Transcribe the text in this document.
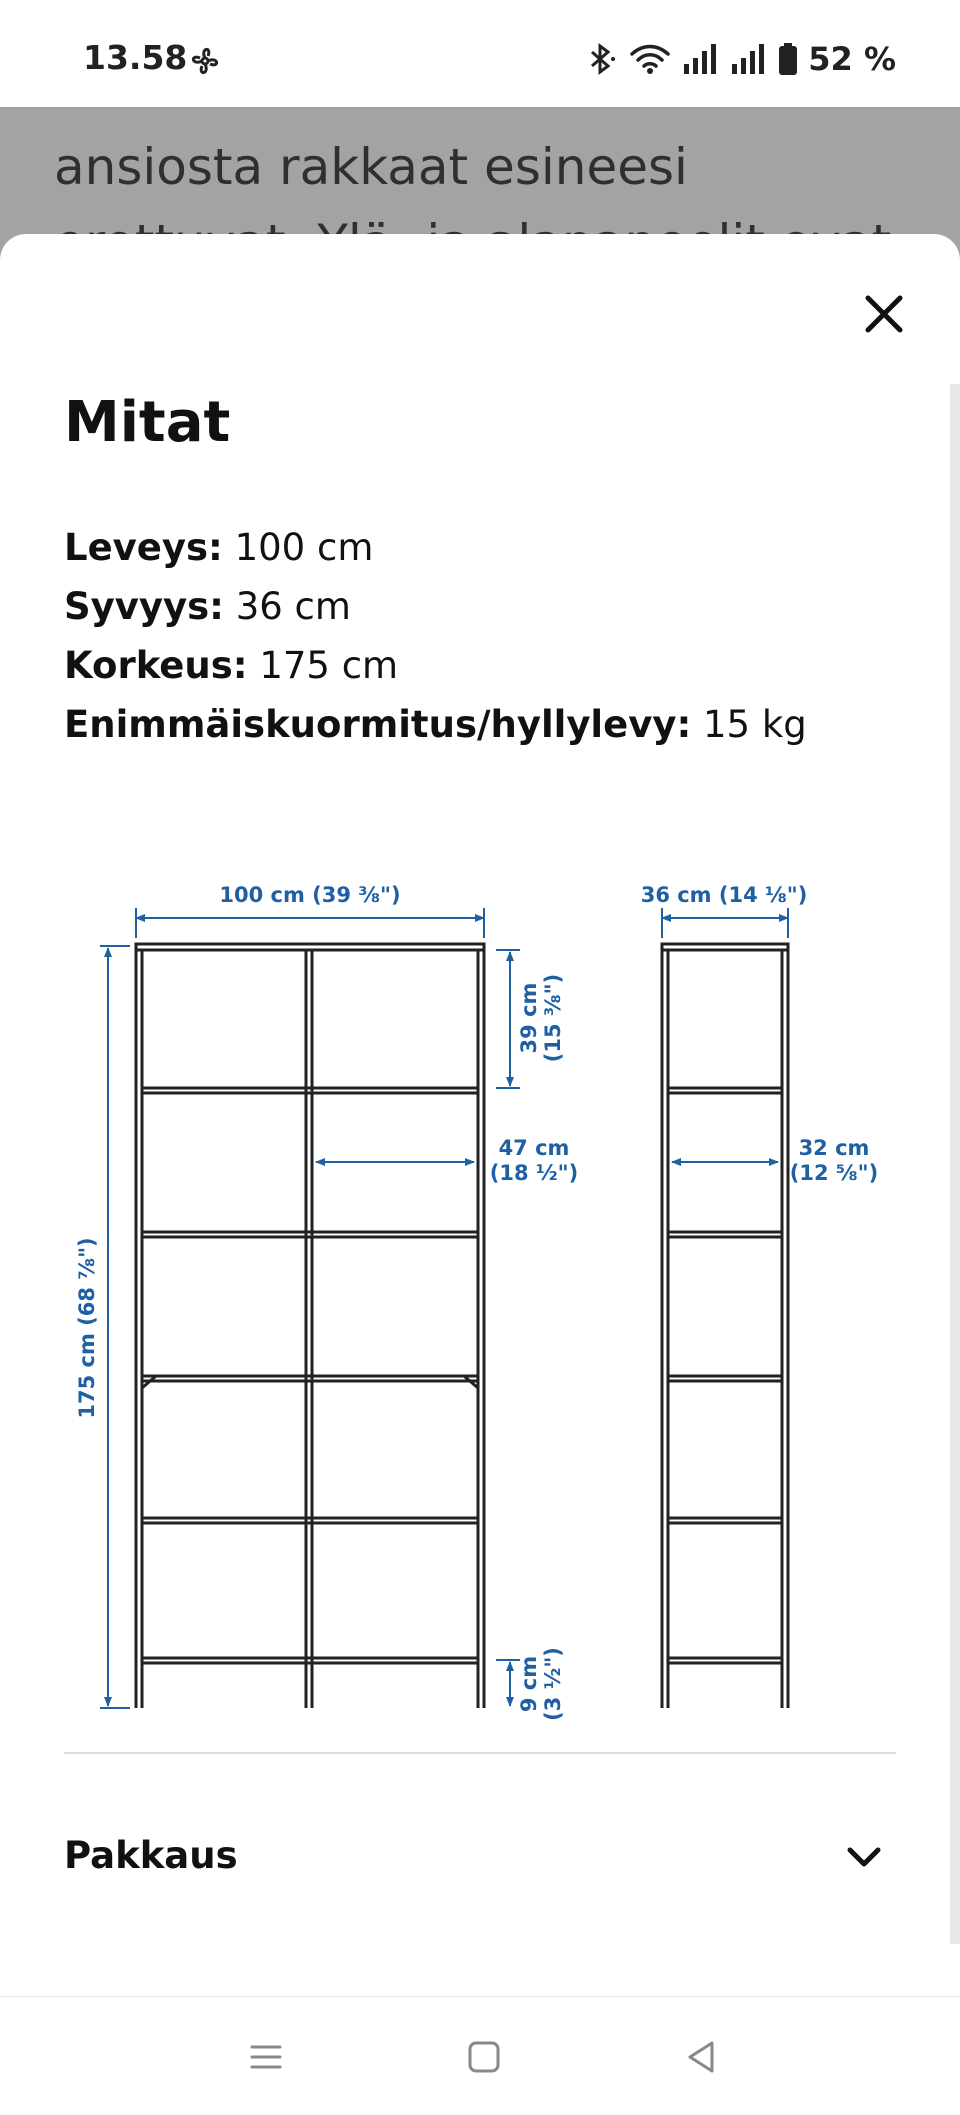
13.58	52 %
ansiosta rakkaat esineesi
Mitat
Leveys: 100 cm
Syvyys: 36 cm
Korkeus: 175 cm
Enimmäiskuormitus/hyllylevy: 15 kg
100 cm (39 ⅜")	36 cm (14 ⅛")
175 cm (68 ⅞")
39 cm (15 ⅜")
47 cm
(18 ½")
32 cm
(12 ⅝")
9 cm (3 ½")
Pakkaus
